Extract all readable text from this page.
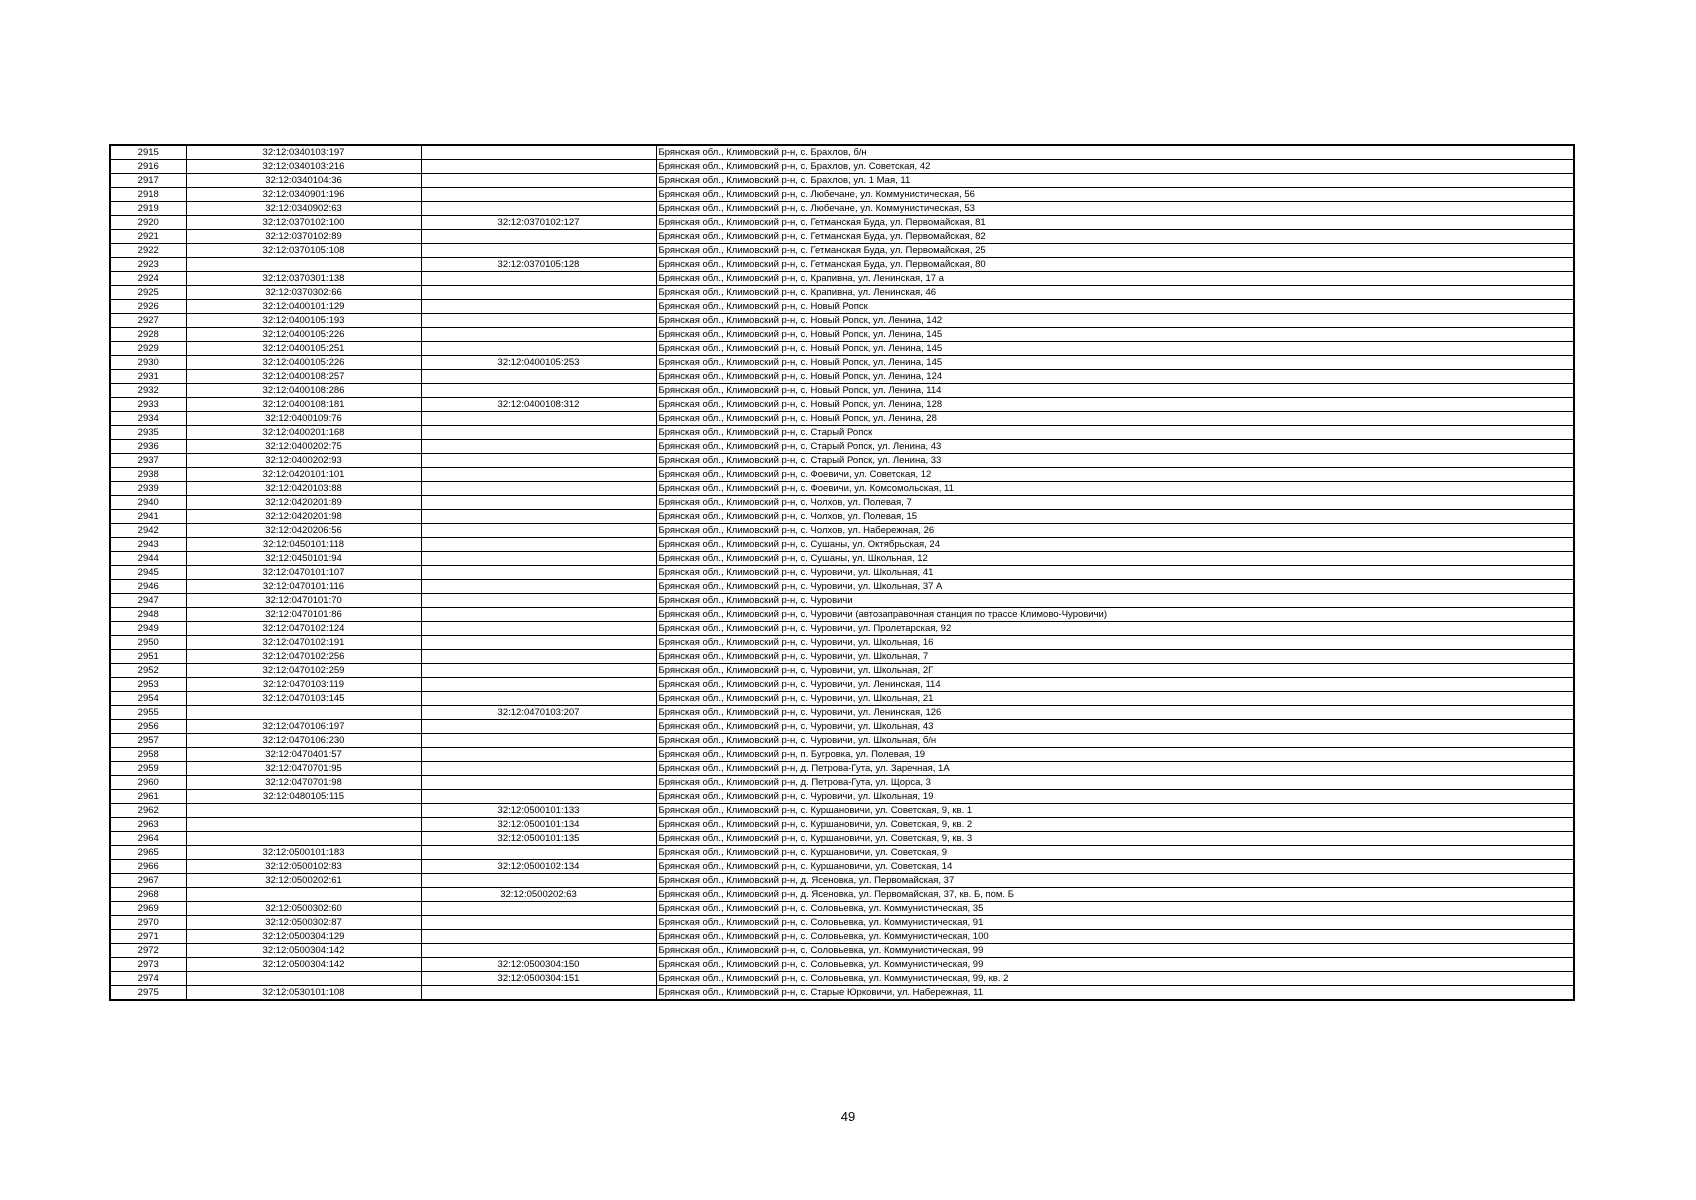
2915	32:12:0340103:197		Брянская обл., Климовский р-н, с. Брахлов, б/н
2916	32:12:0340103:216		Брянская обл., Климовский р-н, с. Брахлов, ул. Советская, 42
2917	32:12:0340104:36		Брянская обл., Климовский р-н, с. Брахлов, ул. 1 Мая, 11
2918	32:12:0340901:196		Брянская обл., Климовский р-н, с. Любечане, ул. Коммунистическая, 56
2919	32:12:0340902:63		Брянская обл., Климовский р-н, с. Любечане, ул. Коммунистическая, 53
2920	32:12:0370102:100	32:12:0370102:127	Брянская обл., Климовский р-н, с. Гетманская Буда, ул. Первомайская, 81
2921	32:12:0370102:89		Брянская обл., Климовский р-н, с. Гетманская Буда, ул. Первомайская, 82
2922	32:12:0370105:108		Брянская обл., Климовский р-н, с. Гетманская Буда, ул. Первомайская, 25
2923		32:12:0370105:128	Брянская обл., Климовский р-н, с. Гетманская Буда, ул. Первомайская, 80
2924	32:12:0370301:138		Брянская обл., Климовский р-н, с. Крапивна, ул. Ленинская, 17 а
2925	32:12:0370302:66		Брянская обл., Климовский р-н, с. Крапивна, ул. Ленинская, 46
2926	32:12:0400101:129		Брянская обл., Климовский р-н, с. Новый Ропск
2927	32:12:0400105:193		Брянская обл., Климовский р-н, с. Новый Ропск, ул. Ленина, 142
2928	32:12:0400105:226		Брянская обл., Климовский р-н, с. Новый Ропск, ул. Ленина, 145
2929	32:12:0400105:251		Брянская обл., Климовский р-н, с. Новый Ропск, ул. Ленина, 145
2930	32:12:0400105:226	32:12:0400105:253	Брянская обл., Климовский р-н, с. Новый Ропск, ул. Ленина, 145
2931	32:12:0400108:257		Брянская обл., Климовский р-н, с. Новый Ропск, ул. Ленина, 124
2932	32:12:0400108:286		Брянская обл., Климовский р-н, с. Новый Ропск, ул. Ленина, 114
2933	32:12:0400108:181	32:12:0400108:312	Брянская обл., Климовский р-н, с. Новый Ропск, ул. Ленина, 128
2934	32:12:0400109:76		Брянская обл., Климовский р-н, с. Новый Ропск, ул. Ленина, 28
2935	32:12:0400201:168		Брянская обл., Климовский р-н, с. Старый Ропск
2936	32:12:0400202:75		Брянская обл., Климовский р-н, с. Старый Ропск, ул. Ленина, 43
2937	32:12:0400202:93		Брянская обл., Климовский р-н, с. Старый Ропск, ул. Ленина, 33
2938	32:12:0420101:101		Брянская обл., Климовский р-н, с. Фоевичи, ул. Советская, 12
2939	32:12:0420103:88		Брянская обл., Климовский р-н, с. Фоевичи, ул. Комсомольская, 11
2940	32:12:0420201:89		Брянская обл., Климовский р-н, с. Чолхов, ул. Полевая, 7
2941	32:12:0420201:98		Брянская обл., Климовский р-н, с. Чолхов, ул. Полевая, 15
2942	32:12:0420206:56		Брянская обл., Климовский р-н, с. Чолхов, ул. Набережная, 26
2943	32:12:0450101:118		Брянская обл., Климовский р-н, с. Сушаны, ул. Октябрьская, 24
2944	32:12:0450101:94		Брянская обл., Климовский р-н, с. Сушаны, ул. Школьная, 12
2945	32:12:0470101:107		Брянская обл., Климовский р-н, с. Чуровичи, ул. Школьная, 41
2946	32:12:0470101:116		Брянская обл., Климовский р-н, с. Чуровичи, ул. Школьная, 37 А
2947	32:12:0470101:70		Брянская обл., Климовский р-н, с. Чуровичи
2948	32:12:0470101:86		Брянская обл., Климовский р-н, с. Чуровичи (автозаправочная станция по трассе Климово-Чуровичи)
2949	32:12:0470102:124		Брянская обл., Климовский р-н, с. Чуровичи, ул. Пролетарская, 92
2950	32:12:0470102:191		Брянская обл., Климовский р-н, с. Чуровичи, ул. Школьная, 16
2951	32:12:0470102:256		Брянская обл., Климовский р-н, с. Чуровичи, ул. Школьная, 7
2952	32:12:0470102:259		Брянская обл., Климовский р-н, с. Чуровичи, ул. Школьная, 2Г
2953	32:12:0470103:119		Брянская обл., Климовский р-н, с. Чуровичи, ул. Ленинская, 114
2954	32:12:0470103:145		Брянская обл., Климовский р-н, с. Чуровичи, ул. Школьная, 21
2955		32:12:0470103:207	Брянская обл., Климовский р-н, с. Чуровичи, ул. Ленинская, 126
2956	32:12:0470106:197		Брянская обл., Климовский р-н, с. Чуровичи, ул. Школьная, 43
2957	32:12:0470106:230		Брянская обл., Климовский р-н, с. Чуровичи, ул. Школьная, б/н
2958	32:12:0470401:57		Брянская обл., Климовский р-н, п. Бугровка, ул. Полевая, 19
2959	32:12:0470701:95		Брянская обл., Климовский р-н, д. Петрова-Гута, ул. Заречная, 1А
2960	32:12:0470701:98		Брянская обл., Климовский р-н, д. Петрова-Гута, ул. Щорса, 3
2961	32:12:0480105:115		Брянская обл., Климовский р-н, с. Чуровичи, ул. Школьная, 19
2962		32:12:0500101:133	Брянская обл., Климовский р-н, с. Куршановичи, ул. Советская, 9, кв. 1
2963		32:12:0500101:134	Брянская обл., Климовский р-н, с. Куршановичи, ул. Советская, 9, кв. 2
2964		32:12:0500101:135	Брянская обл., Климовский р-н, с. Куршановичи, ул. Советская, 9, кв. 3
2965	32:12:0500101:183		Брянская обл., Климовский р-н, с. Куршановичи, ул. Советская, 9
2966	32:12:0500102:83	32:12:0500102:134	Брянская обл., Климовский р-н, с. Куршановичи, ул. Советская, 14
2967	32:12:0500202:61		Брянская обл., Климовский р-н, д. Ясеновка, ул. Первомайская, 37
2968		32:12:0500202:63	Брянская обл., Климовский р-н, д. Ясеновка, ул. Первомайская, 37, кв. Б, пом. Б
2969	32:12:0500302:60		Брянская обл., Климовский р-н, с. Соловьевка, ул. Коммунистическая, 35
2970	32:12:0500302:87		Брянская обл., Климовский р-н, с. Соловьевка, ул. Коммунистическая, 91
2971	32:12:0500304:129		Брянская обл., Климовский р-н, с. Соловьевка, ул. Коммунистическая, 100
2972	32:12:0500304:142		Брянская обл., Климовский р-н, с. Соловьевка, ул. Коммунистическая, 99
2973	32:12:0500304:142	32:12:0500304:150	Брянская обл., Климовский р-н, с. Соловьевка, ул. Коммунистическая, 99
2974		32:12:0500304:151	Брянская обл., Климовский р-н, с. Соловьевка, ул. Коммунистическая, 99, кв. 2
2975	32:12:0530101:108		Брянская обл., Климовский р-н, с. Старые Юрковичи, ул. Набережная, 11
49
